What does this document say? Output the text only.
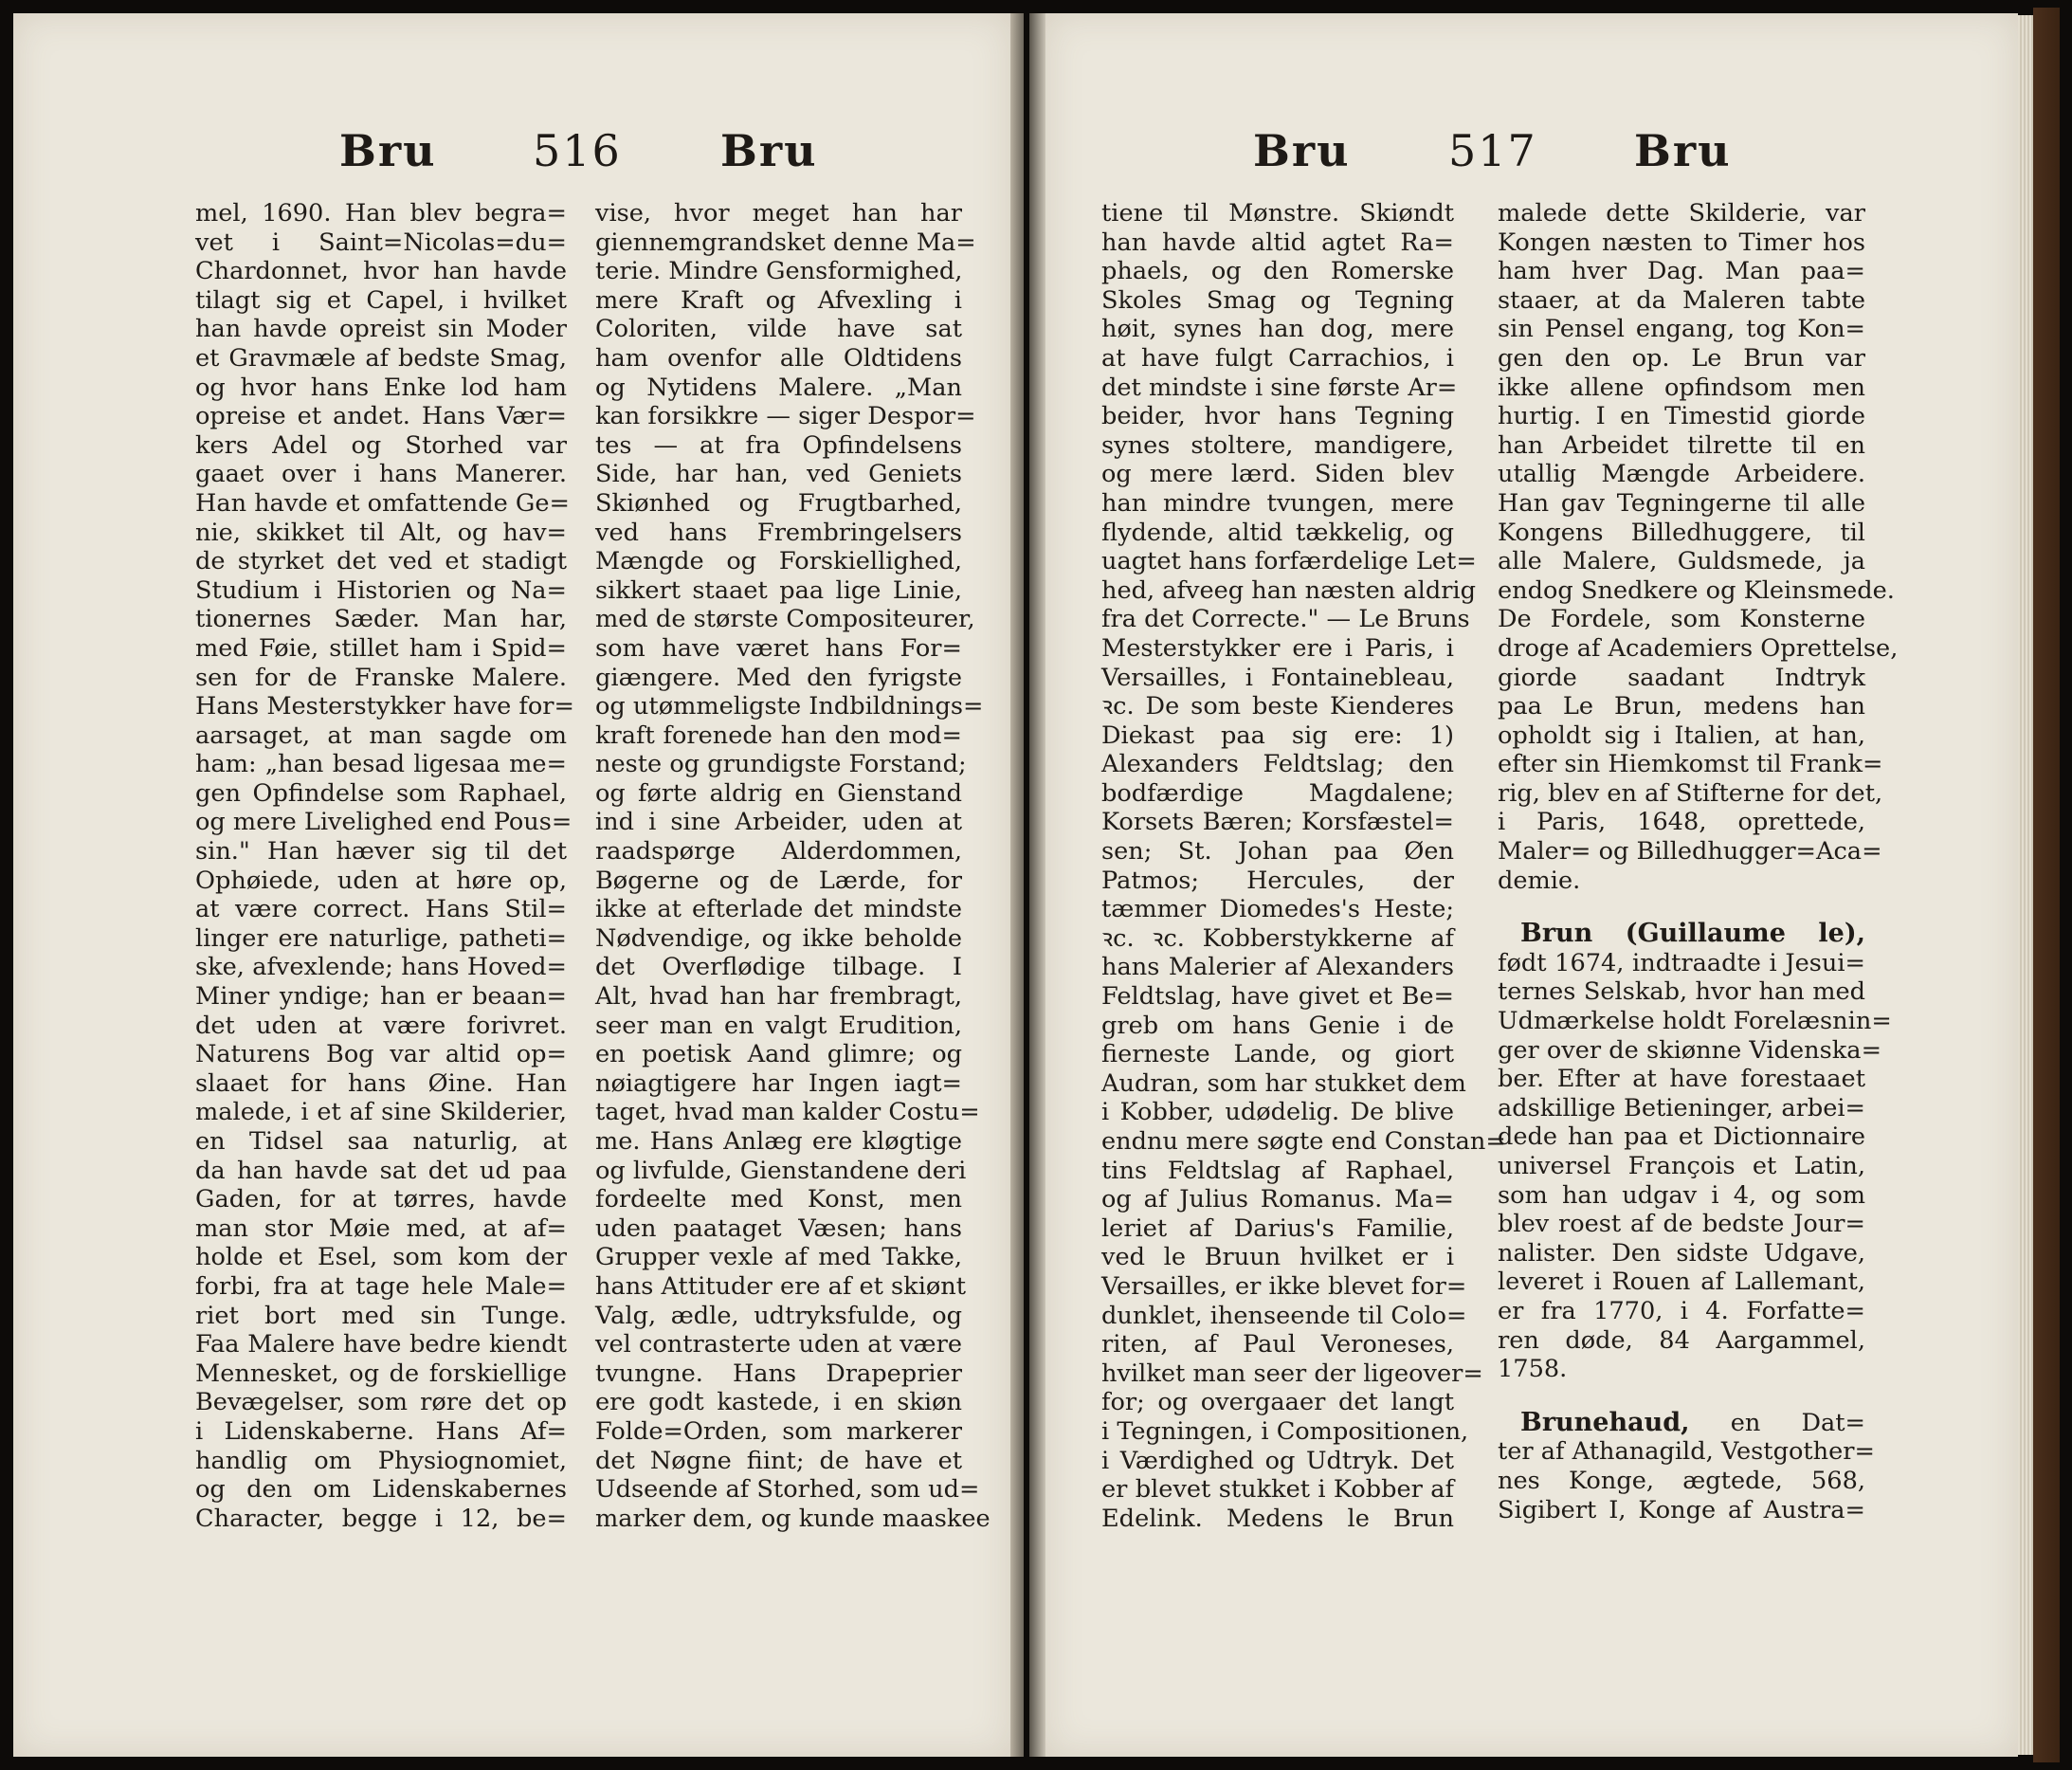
Bru 516 Bru	Bru 517 Bru
mel, 1690. Han blev begra=
vet i Saint=Nicolas=du=
Chardonnet, hvor han havde
tilagt sig et Capel, i hvilket
han havde opreist sin Moder
et Gravmæle af bedste Smag,
og hvor hans Enke lod ham
opreise et andet. Hans Vær=
kers Adel og Storhed var
gaaet over i hans Manerer.
Han havde et omfattende Ge=
nie, skikket til Alt, og hav=
de styrket det ved et stadigt
Studium i Historien og Na=
tionernes Sæder. Man har,
med Føie, stillet ham i Spid=
sen for de Franske Malere.
Hans Mesterstykker have for=
aarsaget, at man sagde om
ham: „han besad ligesaa me=
gen Opfindelse som Raphael,
og mere Livelighed end Pous=
sin." Han hæver sig til det
Ophøiede, uden at høre op,
at være correct. Hans Stil=
linger ere naturlige, patheti=
ske, afvexlende; hans Hoved=
Miner yndige; han er beaan=
det uden at være forivret.
Naturens Bog var altid op=
slaaet for hans Øine. Han
malede, i et af sine Skilderier,
en Tidsel saa naturlig, at
da han havde sat det ud paa
Gaden, for at tørres, havde
man stor Møie med, at af=
holde et Esel, som kom der
forbi, fra at tage hele Male=
riet bort med sin Tunge.
Faa Malere have bedre kiendt
Mennesket, og de forskiellige
Bevægelser, som røre det op
i Lidenskaberne. Hans Af=
handlig om Physiognomiet,
og den om Lidenskabernes
Character, begge i 12, be=
vise, hvor meget han har
giennemgrandsket denne Ma=
terie. Mindre Gensformighed,
mere Kraft og Afvexling i
Coloriten, vilde have sat
ham ovenfor alle Oldtidens
og Nytidens Malere. „Man
kan forsikkre — siger Despor=
tes — at fra Opfindelsens
Side, har han, ved Geniets
Skiønhed og Frugtbarhed,
ved hans Frembringelsers
Mængde og Forskiellighed,
sikkert staaet paa lige Linie,
med de største Compositeurer,
som have været hans For=
giængere. Med den fyrigste
og utømmeligste Indbildnings=
kraft forenede han den mod=
neste og grundigste Forstand;
og førte aldrig en Gienstand
ind i sine Arbeider, uden at
raadspørge Alderdommen,
Bøgerne og de Lærde, for
ikke at efterlade det mindste
Nødvendige, og ikke beholde
det Overflødige tilbage. I
Alt, hvad han har frembragt,
seer man en valgt Erudition,
en poetisk Aand glimre; og
nøiagtigere har Ingen iagt=
taget, hvad man kalder Costu=
me. Hans Anlæg ere kløgtige
og livfulde, Gienstandene deri
fordeelte med Konst, men
uden paataget Væsen; hans
Grupper vexle af med Takke,
hans Attituder ere af et skiønt
Valg, ædle, udtryksfulde, og
vel contrasterte uden at være
tvungne. Hans Drapeprier
ere godt kastede, i en skiøn
Folde=Orden, som markerer
det Nøgne fiint; de have et
Udseende af Storhed, som ud=
marker dem, og kunde maaskee
tiene til Mønstre. Skiøndt
han havde altid agtet Ra=
phaels, og den Romerske
Skoles Smag og Tegning
høit, synes han dog, mere
at have fulgt Carrachios, i
det mindste i sine første Ar=
beider, hvor hans Tegning
synes stoltere, mandigere,
og mere lærd. Siden blev
han mindre tvungen, mere
flydende, altid tækkelig, og
uagtet hans forfærdelige Let=
hed, afveeg han næsten aldrig
fra det Correcte." — Le Bruns
Mesterstykker ere i Paris, i
Versailles, i Fontainebleau,
ꝛc. De som beste Kienderes
Diekast paa sig ere: 1)
Alexanders Feldtslag; den
bodfærdige Magdalene;
Korsets Bæren; Korsfæstel=
sen; St. Johan paa Øen
Patmos; Hercules, der
tæmmer Diomedes's Heste;
ꝛc. ꝛc. Kobberstykkerne af
hans Malerier af Alexanders
Feldtslag, have givet et Be=
greb om hans Genie i de
fierneste Lande, og giort
Audran, som har stukket dem
i Kobber, udødelig. De blive
endnu mere søgte end Constan=
tins Feldtslag af Raphael,
og af Julius Romanus. Ma=
leriet af Darius's Familie,
ved le Bruun hvilket er i
Versailles, er ikke blevet for=
dunklet, ihenseende til Colo=
riten, af Paul Veroneses,
hvilket man seer der ligeover=
for; og overgaaer det langt
i Tegningen, i Compositionen,
i Værdighed og Udtryk. Det
er blevet stukket i Kobber af
Edelink. Medens le Brun
malede dette Skilderie, var
Kongen næsten to Timer hos
ham hver Dag. Man paa=
staaer, at da Maleren tabte
sin Pensel engang, tog Kon=
gen den op. Le Brun var
ikke allene opfindsom men
hurtig. I en Timestid giorde
han Arbeidet tilrette til en
utallig Mængde Arbeidere.
Han gav Tegningerne til alle
Kongens Billedhuggere, til
alle Malere, Guldsmede, ja
endog Snedkere og Kleinsmede.
De Fordele, som Konsterne
droge af Academiers Oprettelse,
giorde saadant Indtryk
paa Le Brun, medens han
opholdt sig i Italien, at han,
efter sin Hiemkomst til Frank=
rig, blev en af Stifterne for det,
i Paris, 1648, oprettede,
Maler= og Billedhugger=Aca=
demie.
Brun (Guillaume le),
født 1674, indtraadte i Jesui=
ternes Selskab, hvor han med
Udmærkelse holdt Forelæsnin=
ger over de skiønne Videnska=
ber. Efter at have forestaaet
adskillige Betieninger, arbei=
dede han paa et Dictionnaire
universel François et Latin,
som han udgav i 4, og som
blev roest af de bedste Jour=
nalister. Den sidste Udgave,
leveret i Rouen af Lallemant,
er fra 1770, i 4. Forfatte=
ren døde, 84 Aargammel,
1758.
Brunehaud, en Dat=
ter af Athanagild, Vestgother=
nes Konge, ægtede, 568,
Sigibert I, Konge af Austra=
